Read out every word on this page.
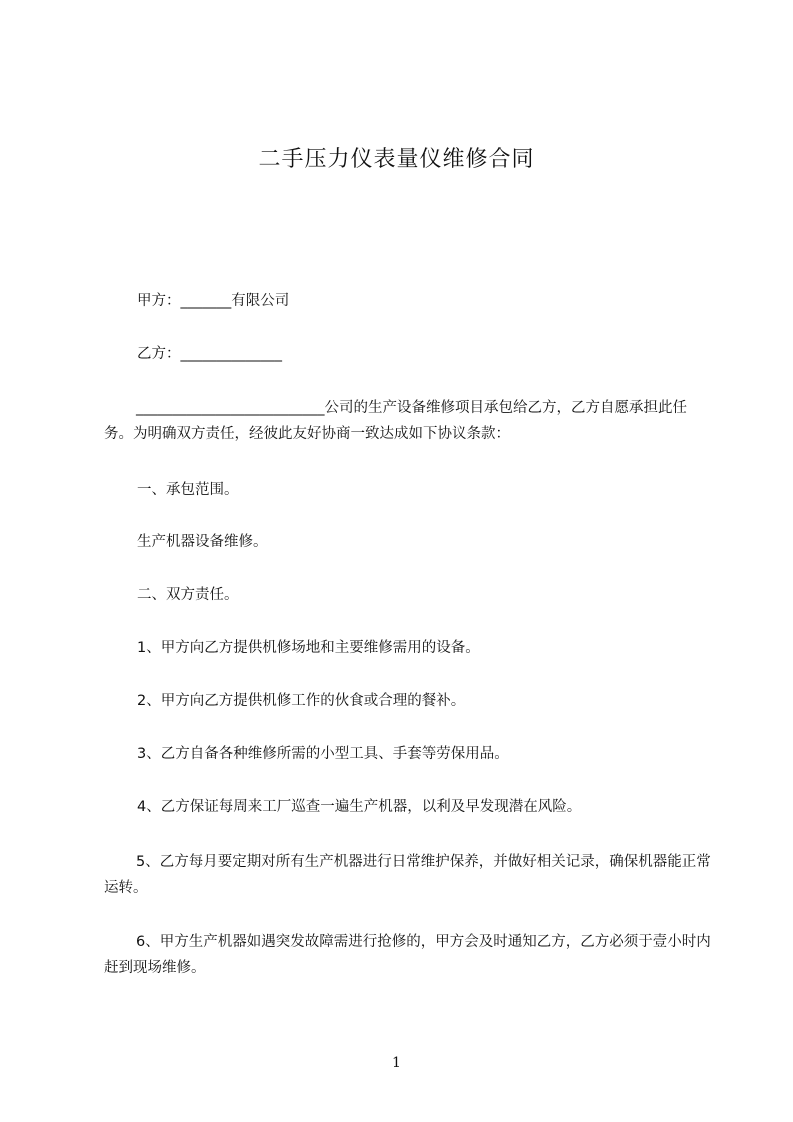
二手压力仪表量仪维修合同
甲方：_______有限公司
乙方：______________
__________________________公司的生产设备维修项目承包给乙方，乙方自愿承担此任务。为明确双方责任，经彼此友好协商一致达成如下协议条款：
一、承包范围。
生产机器设备维修。
二、双方责任。
1、甲方向乙方提供机修场地和主要维修需用的设备。
2、甲方向乙方提供机修工作的伙食或合理的餐补。
3、乙方自备各种维修所需的小型工具、手套等劳保用品。
4、乙方保证每周来工厂巡查一遍生产机器，以利及早发现潜在风险。
5、乙方每月要定期对所有生产机器进行日常维护保养，并做好相关记录，确保机器能正常运转。
6、甲方生产机器如遇突发故障需进行抢修的，甲方会及时通知乙方，乙方必须于壹小时内赶到现场维修。
1
